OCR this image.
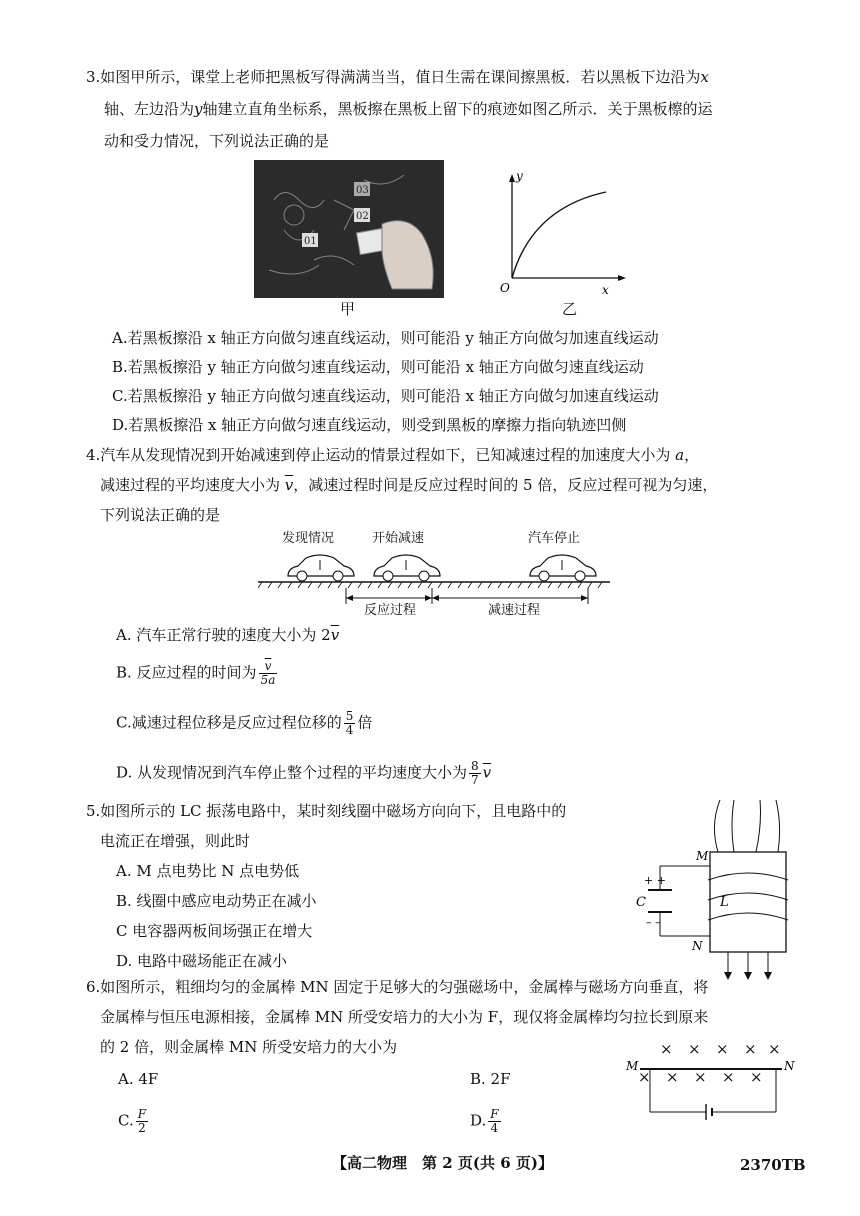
3.如图甲所示，课堂上老师把黑板写得满满当当，值日生需在课间擦黑板．若以黑板下边沿为x
轴、左边沿为y轴建立直角坐标系，黑板擦在黑板上留下的痕迹如图乙所示．关于黑板檫的运
动和受力情况，下列说法正确的是
01
02
03
甲
y
x
O
乙
A.若黑板擦沿 x 轴正方向做匀速直线运动，则可能沿 y 轴正方向做匀加速直线运动
B.若黑板擦沿 y 轴正方向做匀速直线运动，则可能沿 x 轴正方向做匀速直线运动
C.若黑板擦沿 y 轴正方向做匀速直线运动，则可能沿 x 轴正方向做匀加速直线运动
D.若黑板擦沿 x 轴正方向做匀速直线运动，则受到黑板的摩擦力指向轨迹凹侧
4.汽车从发现情况到开始减速到停止运动的情景过程如下，已知减速过程的加速度大小为 a，
减速过程的平均速度大小为 $\overline{v}$，减速过程时间是反应过程时间的 5 倍，反应过程可视为匀速，
下列说法正确的是
发现情况	开始减速	汽车停止
反应过程	减速过程
A. 汽车正常行驶的速度大小为 $2\overline{v}$
B. 反应过程的时间为 $\frac{\overline{v}}{5a}$
C.减速过程位移是反应过程位移的 $\frac{5}{4}$ 倍
D. 从发现情况到汽车停止整个过程的平均速度大小为 $\frac{8}{7} \overline{v}$
5.如图所示的 LC 振荡电路中，某时刻线圈中磁场方向向下，且电路中的
电流正在增强，则此时
A. M 点电势比 N 点电势低
B. 线圈中感应电动势正在减小
C 电容器两板间场强正在增大
D. 电路中磁场能正在减小
+ +
– –
C
M
N
L
6.如图所示，粗细均匀的金属棒 MN 固定于足够大的匀强磁场中，金属棒与磁场方向垂直，将
金属棒与恒压电源相接，金属棒 MN 所受安培力的大小为 F，现仅将金属棒均匀拉长到原来
的 2 倍，则金属棒 MN 所受安培力的大小为
A. 4F	B. 2F
C. $\frac{F}{2}$	D. $\frac{F}{4}$
× × × × ×
× × × × ×
M	N
【高二物理　第 2 页(共 6 页)】	2370TB
